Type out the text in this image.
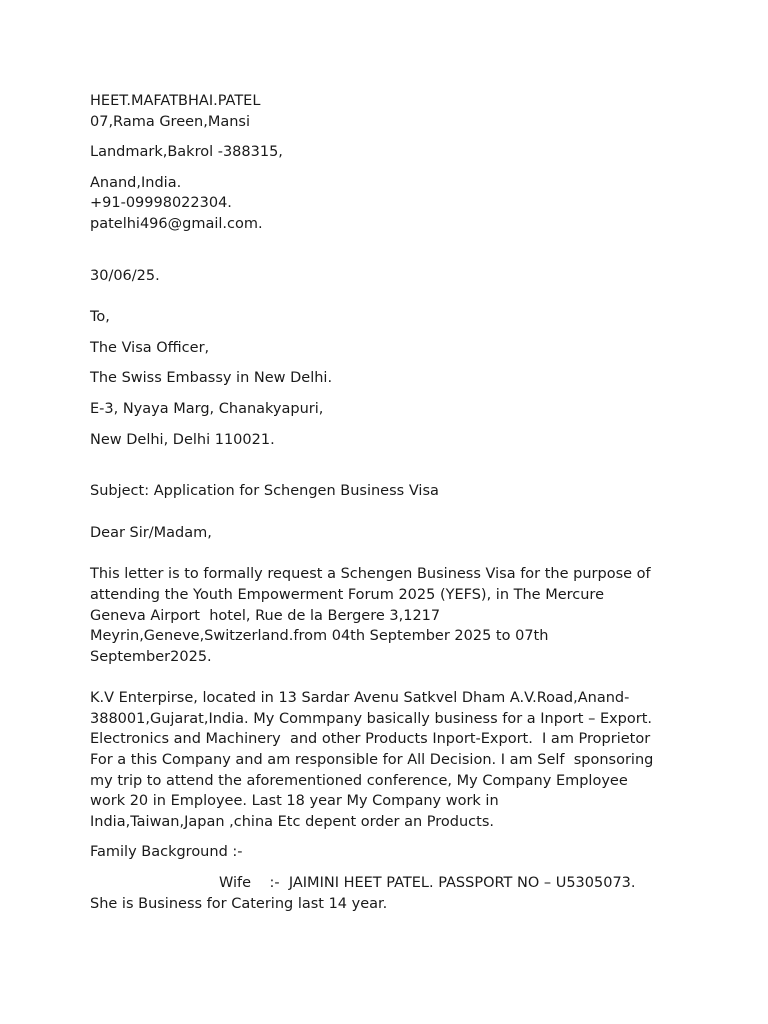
HEET.MAFATBHAI.PATEL
07,Rama Green,Mansi
Landmark,Bakrol -388315,
Anand,India.
+91-09998022304.
patelhi496@gmail.com.
30/06/25.
To,
The Visa Officer,
The Swiss Embassy in New Delhi.
E-3, Nyaya Marg, Chanakyapuri,
New Delhi, Delhi 110021.
Subject: Application for Schengen Business Visa
Dear Sir/Madam,
This letter is to formally request a Schengen Business Visa for the purpose of
attending the Youth Empowerment Forum 2025 (YEFS), in The Mercure
Geneva Airport  hotel, Rue de la Bergere 3,1217
Meyrin,Geneve,Switzerland.from 04th September 2025 to 07th
September2025.
K.V Enterpirse, located in 13 Sardar Avenu Satkvel Dham A.V.Road,Anand-
388001,Gujarat,India. My Commpany basically business for a Inport – Export.
Electronics and Machinery  and other Products Inport-Export.  I am Proprietor
For a this Company and am responsible for All Decision. I am Self  sponsoring
my trip to attend the aforementioned conference, My Company Employee
work 20 in Employee. Last 18 year My Company work in
India,Taiwan,Japan ,china Etc depent order an Products.
Family Background :-
Wife    :-  JAIMINI HEET PATEL. PASSPORT NO – U5305073.
She is Business for Catering last 14 year.
